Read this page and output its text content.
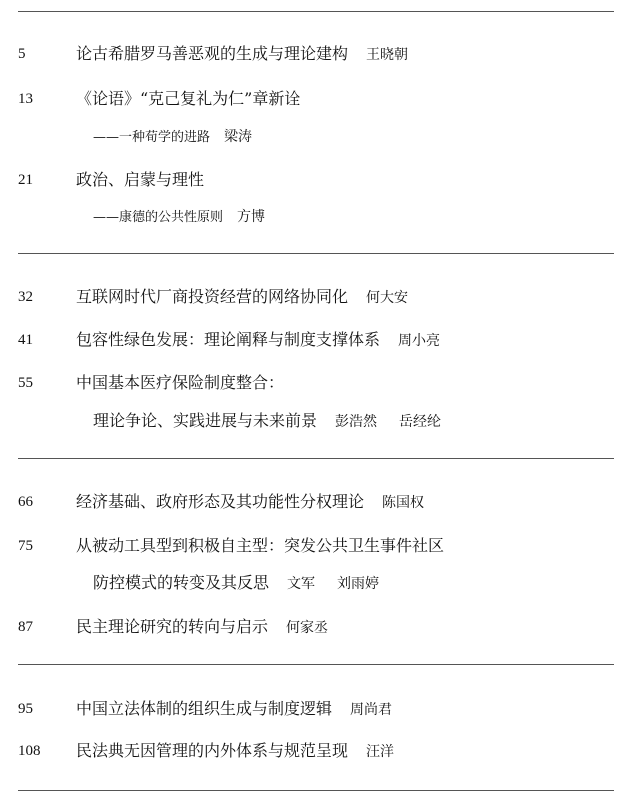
5	论古希腊罗马善恶观的生成与理论建构 王晓朝
13	《论语》“克己复礼为仁”章新诠
——一种荀学的进路 梁涛
21	政治、启蒙与理性
——康德的公共性原则 方博
32	互联网时代厂商投资经营的网络协同化 何大安
41	包容性绿色发展：理论阐释与制度支撑体系 周小亮
55	中国基本医疗保险制度整合：
理论争论、实践进展与未来前景 彭浩然 岳经纶
66	经济基础、政府形态及其功能性分权理论 陈国权
75	从被动工具型到积极自主型：突发公共卫生事件社区
防控模式的转变及其反思 文军 刘雨婷
87	民主理论研究的转向与启示 何家丞
95	中国立法体制的组织生成与制度逻辑 周尚君
108 民法典无因管理的内外体系与规范呈现 汪洋
